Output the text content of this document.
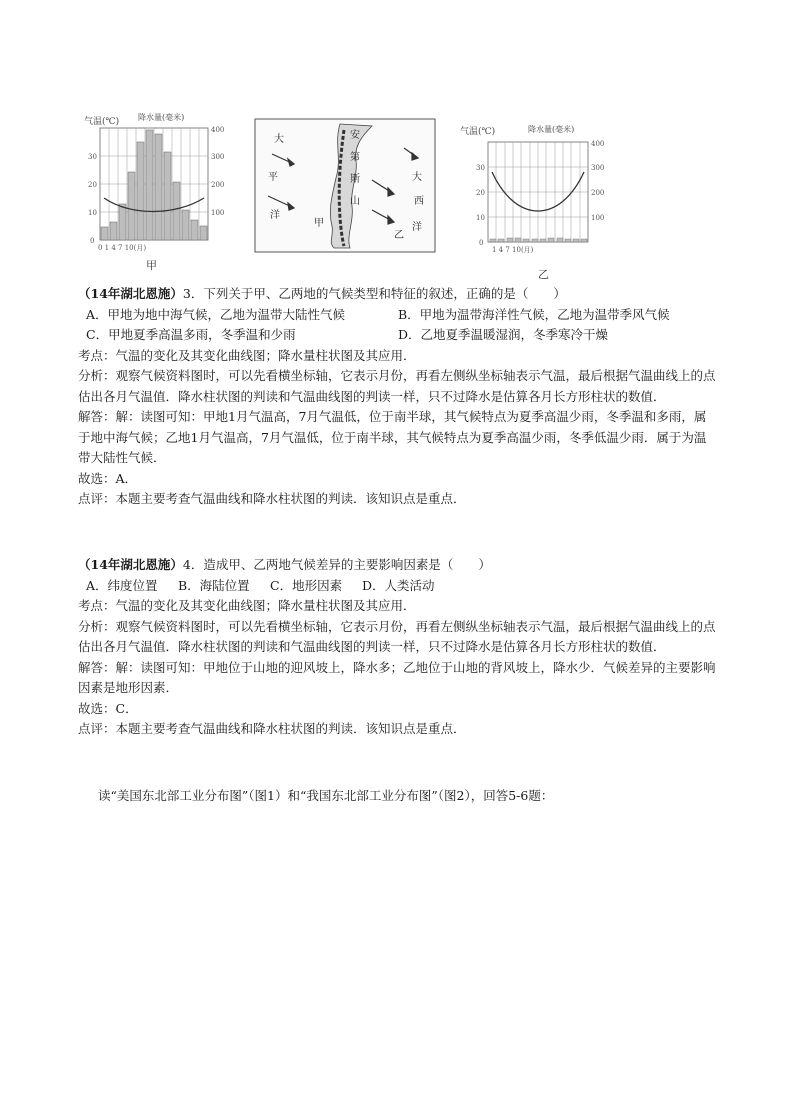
气温(℃) 降水量(毫米)
30
20
10
0
400
300
200
100
0 1 4 7 10(月)
甲
大
平
洋
安
第
斯
山
大
西
洋
甲
乙
气温(℃)	降水量(毫米)
30
20
10
0
400
300
200
100
1 4 7 10(月)
乙
（14年湖北恩施）3．下列关于甲、乙两地的气候类型和特征的叙述，正确的是（　　）
A．甲地为地中海气候，乙地为温带大陆性气候	B．甲地为温带海洋性气候，乙地为温带季风气候
C．甲地夏季高温多雨，冬季温和少雨	D．乙地夏季温暖湿润，冬季寒冷干燥
考点：气温的变化及其变化曲线图；降水量柱状图及其应用．
分析：观察气候资料图时，可以先看横坐标轴，它表示月份，再看左侧纵坐标轴表示气温，最后根据气温曲线上的点估出各月气温值．降水柱状图的判读和气温曲线图的判读一样，只不过降水是估算各月长方形柱状的数值．
解答：解：读图可知：甲地1月气温高，7月气温低，位于南半球，其气候特点为夏季高温少雨，冬季温和多雨，属于地中海气候；乙地1月气温高，7月气温低，位于南半球，其气候特点为夏季高温少雨，冬季低温少雨．属于为温带大陆性气候．
故选：A．
点评：本题主要考查气温曲线和降水柱状图的判读．该知识点是重点．
（14年湖北恩施）4．造成甲、乙两地气候差异的主要影响因素是（　　）
A．纬度位置 B．海陆位置 C．地形因素 D．人类活动
考点：气温的变化及其变化曲线图；降水量柱状图及其应用．
分析：观察气候资料图时，可以先看横坐标轴，它表示月份，再看左侧纵坐标轴表示气温，最后根据气温曲线上的点估出各月气温值．降水柱状图的判读和气温曲线图的判读一样，只不过降水是估算各月长方形柱状的数值．
解答：解：读图可知：甲地位于山地的迎风坡上，降水多；乙地位于山地的背风坡上，降水少．气候差异的主要影响因素是地形因素．
故选：C．
点评：本题主要考查气温曲线和降水柱状图的判读．该知识点是重点．
读“美国东北部工业分布图”（图1）和“我国东北部工业分布图”（图2），回答5-6题：
